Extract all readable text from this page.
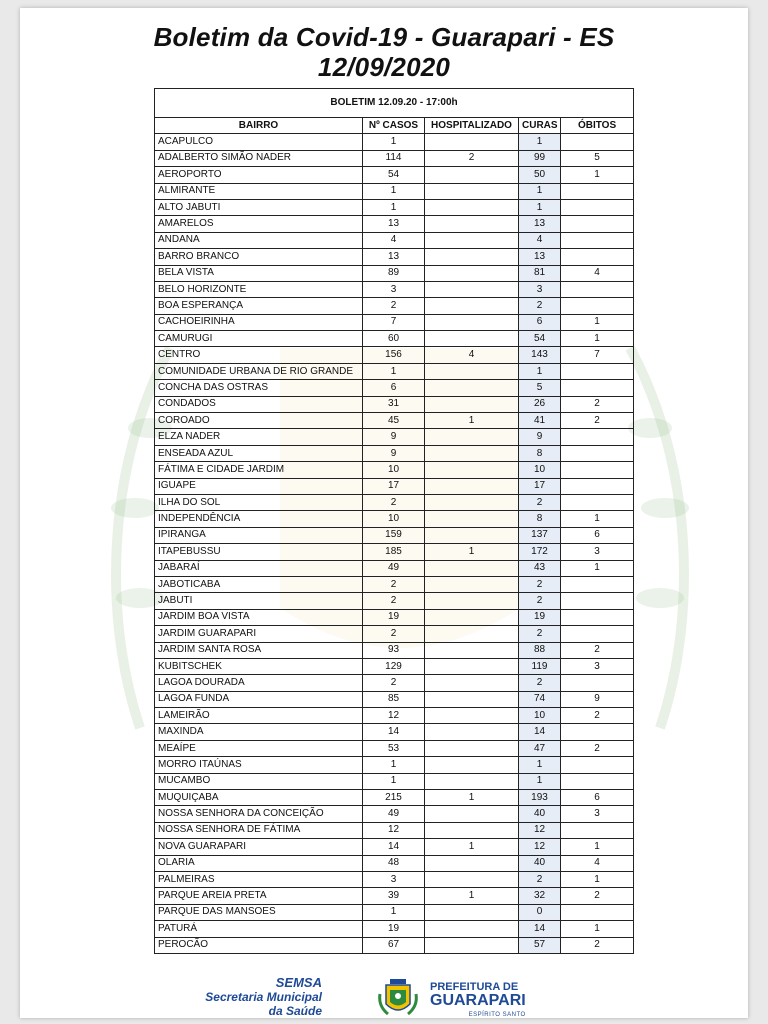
Boletim da Covid-19 - Guarapari - ES
12/09/2020
BOLETIM 12.09.20 - 17:00h				
BAIRRO	Nº CASOS	HOSPITALIZADO	CURAS	ÓBITOS
ACAPULCO	1		1	
ADALBERTO SIMÃO NADER	114	2	99	5
AEROPORTO	54		50	1
ALMIRANTE	1		1	
ALTO JABUTI	1		1	
AMARELOS	13		13	
ANDANA	4		4	
BARRO BRANCO	13		13	
BELA VISTA	89		81	4
BELO HORIZONTE	3		3	
BOA ESPERANÇA	2		2	
CACHOEIRINHA	7		6	1
CAMURUGI	60		54	1
CENTRO	156	4	143	7
COMUNIDADE URBANA DE RIO GRANDE	1		1	
CONCHA DAS OSTRAS	6		5	
CONDADOS	31		26	2
COROADO	45	1	41	2
ELZA NADER	9		9	
ENSEADA AZUL	9		8	
FÁTIMA E CIDADE JARDIM	10		10	
IGUAPE	17		17	
ILHA DO SOL	2		2	
INDEPENDÊNCIA	10		8	1
IPIRANGA	159		137	6
ITAPEBUSSU	185	1	172	3
JABARAÍ	49		43	1
JABOTICABA	2		2	
JABUTI	2		2	
JARDIM BOA VISTA	19		19	
JARDIM GUARAPARI	2		2	
JARDIM SANTA ROSA	93		88	2
KUBITSCHEK	129		119	3
LAGOA DOURADA	2		2	
LAGOA FUNDA	85		74	9
LAMEIRÃO	12		10	2
MAXINDA	14		14	
MEAÍPE	53		47	2
MORRO ITAÚNAS	1		1	
MUCAMBO	1		1	
MUQUIÇABA	215	1	193	6
NOSSA SENHORA DA CONCEIÇÃO	49		40	3
NOSSA SENHORA DE FÁTIMA	12		12	
NOVA GUARAPARI	14	1	12	1
OLARIA	48		40	4
PALMEIRAS	3		2	1
PARQUE AREIA PRETA	39	1	32	2
PARQUE DAS MANSOES	1		0	
PATURÁ	19		14	1
PEROCÃO	67		57	2
SEMSA
Secretaria Municipal
da Saúde
PREFEITURA DE
GUARAPARI
ESPÍRITO SANTO
